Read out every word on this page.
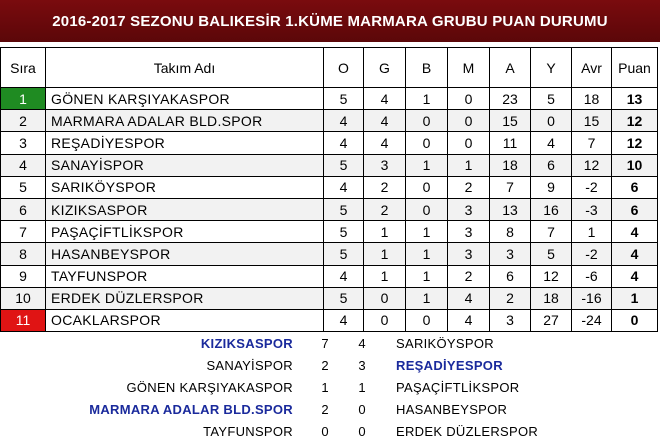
2016-2017 SEZONU BALIKESİR 1.KÜME MARMARA GRUBU PUAN DURUMU
Sıra	Takım Adı	O	G	B	M	A	Y	Avr	Puan
1	GÖNEN KARŞIYAKASPOR	5	4	1	0	23	5	18	13
2	MARMARA ADALAR BLD.SPOR	4	4	0	0	15	0	15	12
3	REŞADİYESPOR	4	4	0	0	11	4	7	12
4	SANAYİSPOR	5	3	1	1	18	6	12	10
5	SARIKÖYSPOR	4	2	0	2	7	9	-2	6
6	KIZIKSASPOR	5	2	0	3	13	16	-3	6
7	PAŞAÇİFTLİKSPOR	5	1	1	3	8	7	1	4
8	HASANBEYSPOR	5	1	1	3	3	5	-2	4
9	TAYFUNSPOR	4	1	1	2	6	12	-6	4
10	ERDEK DÜZLERSPOR	5	0	1	4	2	18	-16	1
11	OCAKLARSPOR	4	0	0	4	3	27	-24	0
KIZIKSASPOR 7 4 SARIKÖYSPOR
SANAYİSPOR 2 3 REŞADİYESPOR
GÖNEN KARŞIYAKASPOR 1 1 PAŞAÇİFTLİKSPOR
MARMARA ADALAR BLD.SPOR 2 0 HASANBEYSPOR
TAYFUNSPOR 0 0 ERDEK DÜZLERSPOR
